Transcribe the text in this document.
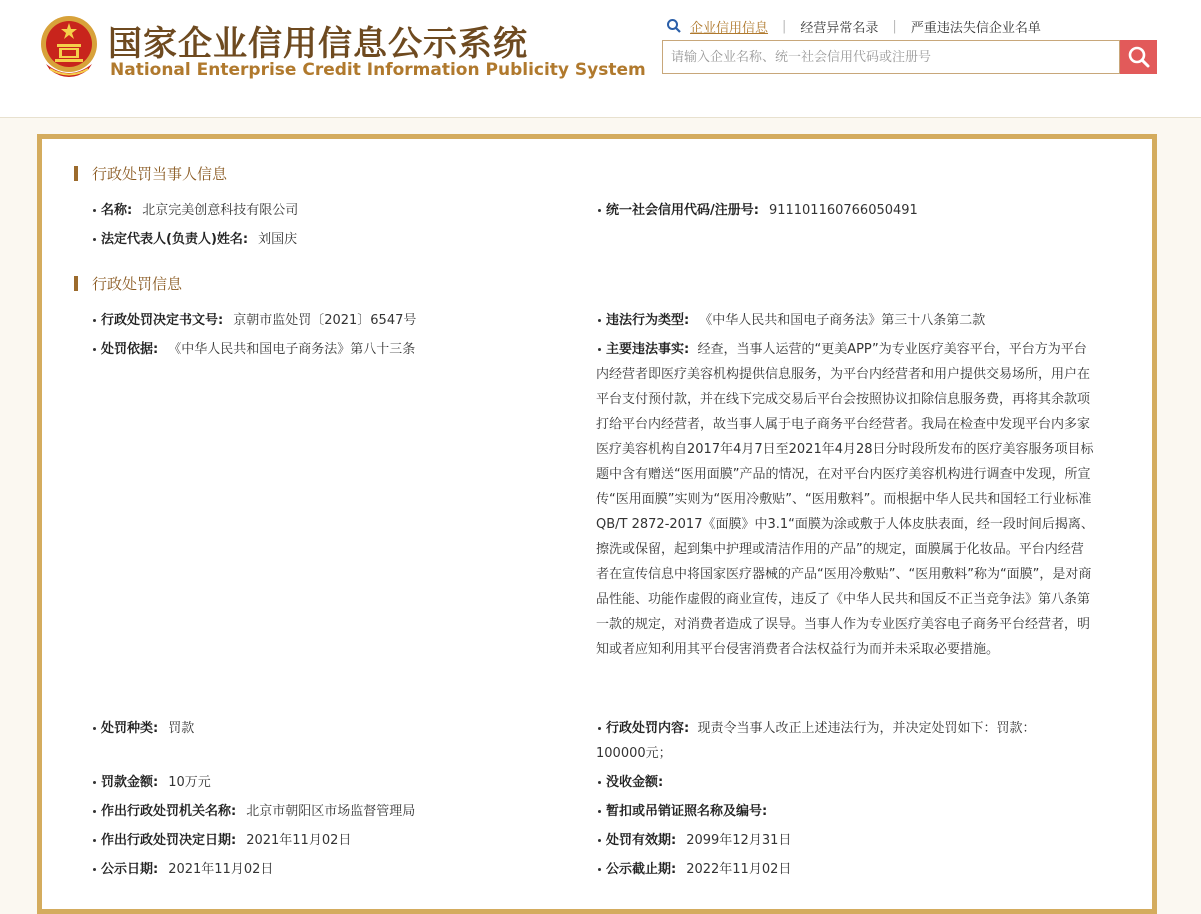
国家企业信用信息公示系统
National Enterprise Credit Information Publicity System
企业信用信息 | 经营异常名录 | 严重违法失信企业名单
请输入企业名称、统一社会信用代码或注册号
行政处罚当事人信息
名称: 北京完美创意科技有限公司	统一社会信用代码/注册号: 911101160766050491
法定代表人(负责人)姓名: 刘国庆
行政处罚信息
行政处罚决定书文号: 京朝市监处罚〔2021〕6547号	违法行为类型: 《中华人民共和国电子商务法》第三十八条第二款
处罚依据: 《中华人民共和国电子商务法》第八十三条	主要违法事实: 经查，当事人运营的“更美APP”为专业医疗美容平台，平台方为平台内经营者即医疗美容机构提供信息服务，为平台内经营者和用户提供交易场所，用户在平台支付预付款，并在线下完成交易后平台会按照协议扣除信息服务费，再将其余款项打给平台内经营者，故当事人属于电子商务平台经营者。我局在检查中发现平台内多家医疗美容机构自2017年4月7日至2021年4月28日分时段所发布的医疗美容服务项目标题中含有赠送“医用面膜”产品的情况，在对平台内医疗美容机构进行调查中发现，所宣传“医用面膜”实则为“医用冷敷贴”、“医用敷料”。而根据中华人民共和国轻工行业标准QB/T 2872-2017《面膜》中3.1“面膜为涂或敷于人体皮肤表面，经一段时间后揭离、擦洗或保留，起到集中护理或清洁作用的产品”的规定，面膜属于化妆品。平台内经营者在宣传信息中将国家医疗器械的产品“医用冷敷贴”、“医用敷料”称为“面膜”，是对商品性能、功能作虚假的商业宣传，违反了《中华人民共和国反不正当竞争法》第八条第一款的规定，对消费者造成了误导。当事人作为专业医疗美容电子商务平台经营者，明知或者应知利用其平台侵害消费者合法权益行为而并未采取必要措施。
处罚种类: 罚款	行政处罚内容: 现责令当事人改正上述违法行为，并决定处罚如下：罚款：100000元；
罚款金额: 10万元	没收金额:
作出行政处罚机关名称: 北京市朝阳区市场监督管理局	暂扣或吊销证照名称及编号:
作出行政处罚决定日期: 2021年11月02日	处罚有效期: 2099年12月31日
公示日期: 2021年11月02日	公示截止期: 2022年11月02日
